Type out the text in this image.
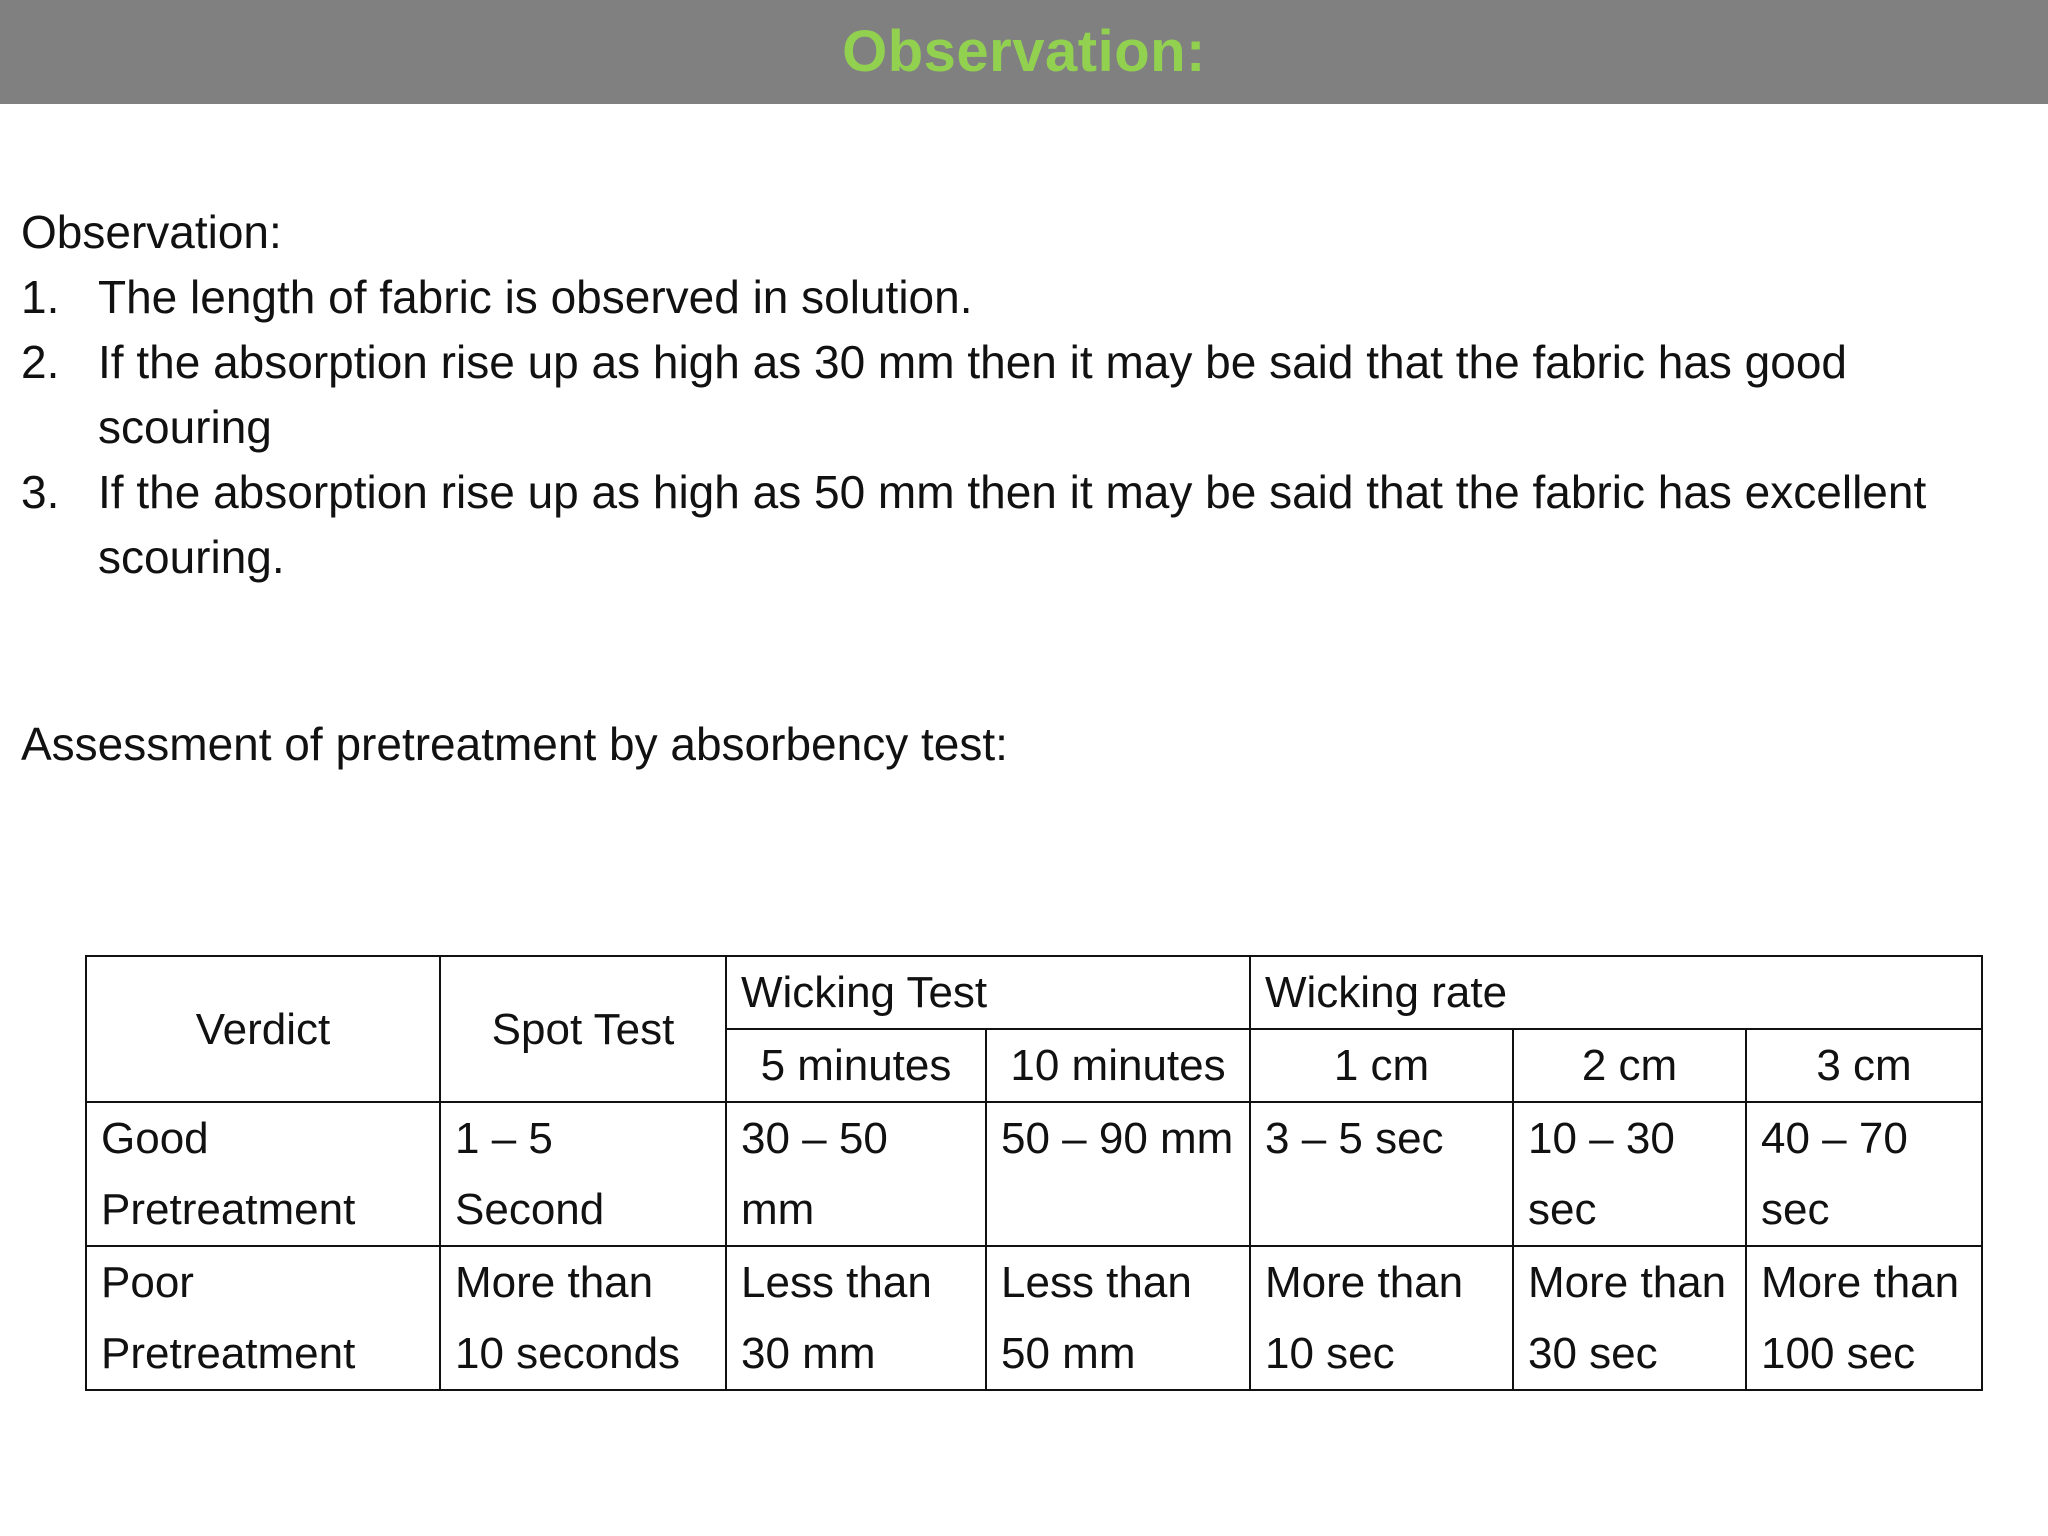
Observation:

Observation:

1. The length of fabric is observed in solution.
2. If the absorption rise up as high as 30 mm then it may be said that the fabric has good scouring
3. If the absorption rise up as high as 50 mm then it may be said that the fabric has excellent scouring.
Assessment of pretreatment by absorbency test:
Verdict	Spot Test	Wicking Test		Wicking rate		
		5 minutes	10 minutes	1 cm	2 cm	3 cm
Good Pretreatment	1 – 5 Second	30 – 50 mm	50 – 90 mm	3 – 5 sec	10 – 30 sec	40 – 70 sec
Poor Pretreatment	More than 10 seconds	Less than 30 mm	Less than 50 mm	More than 10 sec	More than 30 sec	More than 100 sec
